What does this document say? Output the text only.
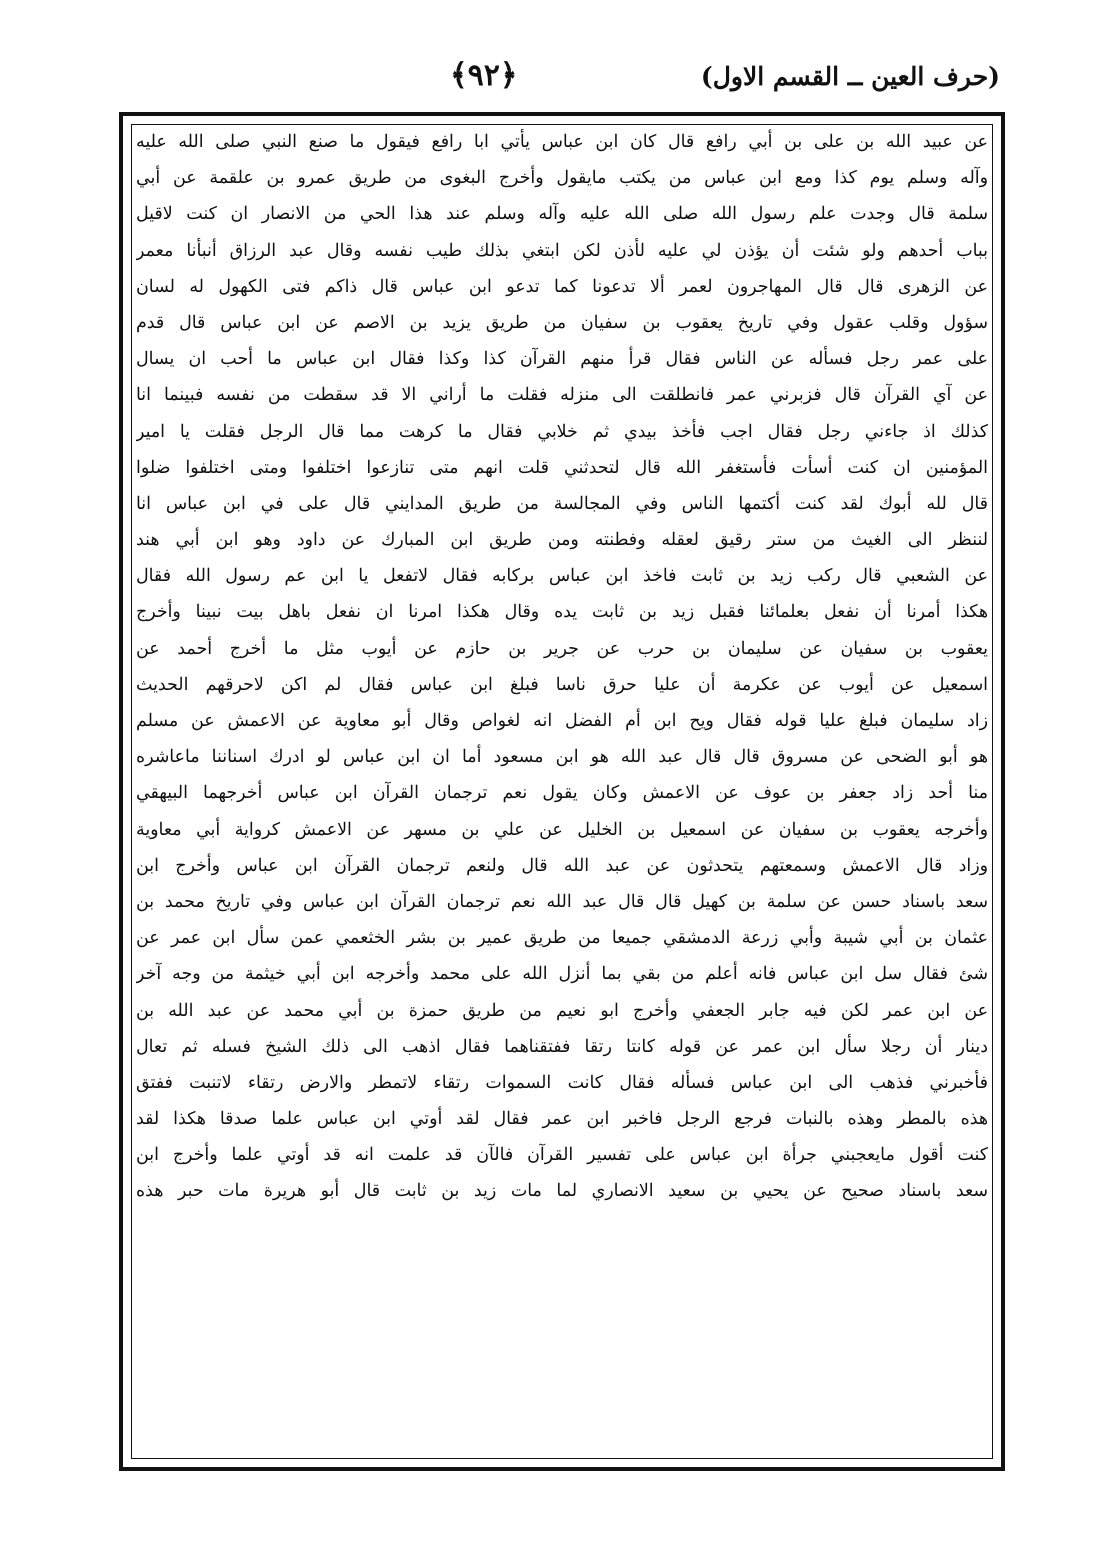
(حرف العين ــ القسم الاول)
﴿٩٢﴾
عن عبيد الله بن على بن أبي رافع قال كان ابن عباس يأتي ابا رافع فيقول ما صنع النبي صلى الله عليه
وآله وسلم يوم كذا ومع ابن عباس من يكتب مايقول وأخرج البغوى من طريق عمرو بن علقمة عن أبي
سلمة قال وجدت علم رسول الله صلى الله عليه وآله وسلم عند هذا الحي من الانصار ان كنت لاقيل
بباب أحدهم ولو شئت أن يؤذن لي عليه لأذن لكن ابتغي بذلك طيب نفسه وقال عبد الرزاق أنبأنا معمر
عن الزهرى قال قال المهاجرون لعمر ألا تدعونا كما تدعو ابن عباس قال ذاكم فتى الكهول له لسان
سؤول وقلب عقول وفي تاريخ يعقوب بن سفيان من طريق يزيد بن الاصم عن ابن عباس قال قدم
على عمر رجل فسأله عن الناس فقال قرأ منهم القرآن كذا وكذا فقال ابن عباس ما أحب ان يسال
عن آي القرآن قال فزبرني عمر فانطلقت الى منزله فقلت ما أراني الا قد سقطت من نفسه فبينما انا
كذلك اذ جاءني رجل فقال اجب فأخذ بيدي ثم خلابي فقال ما كرهت مما قال الرجل فقلت يا امير
المؤمنين ان كنت أسأت فأستغفر الله قال لتحدثني قلت انهم متى تنازعوا اختلفوا ومتى اختلفوا ضلوا
قال لله أبوك لقد كنت أكتمها الناس وفي المجالسة من طريق المدايني قال على في ابن عباس انا
لننظر الى الغيث من ستر رقيق لعقله وفطنته ومن طريق ابن المبارك عن داود وهو ابن أبي هند
عن الشعبي قال ركب زيد بن ثابت فاخذ ابن عباس بركابه فقال لاتفعل يا ابن عم رسول الله فقال
هكذا أمرنا أن نفعل بعلمائنا فقبل زيد بن ثابت يده وقال هكذا امرنا ان نفعل باهل بيت نبينا وأخرج
يعقوب بن سفيان عن سليمان بن حرب عن جرير بن حازم عن أيوب مثل ما أخرج أحمد عن
اسمعيل عن أيوب عن عكرمة أن عليا حرق ناسا فبلغ ابن عباس فقال لم اكن لاحرقهم الحديث
زاد سليمان فبلغ عليا قوله فقال ويح ابن أم الفضل انه لغواص وقال أبو معاوية عن الاعمش عن مسلم
هو أبو الضحى عن مسروق قال قال عبد الله هو ابن مسعود أما ان ابن عباس لو ادرك اسناننا ماعاشره
منا أحد زاد جعفر بن عوف عن الاعمش وكان يقول نعم ترجمان القرآن ابن عباس أخرجهما البيهقي
وأخرجه يعقوب بن سفيان عن اسمعيل بن الخليل عن علي بن مسهر عن الاعمش كرواية أبي معاوية
وزاد قال الاعمش وسمعتهم يتحدثون عن عبد الله قال ولنعم ترجمان القرآن ابن عباس وأخرج ابن
سعد باسناد حسن عن سلمة بن كهيل قال قال عبد الله نعم ترجمان القرآن ابن عباس وفي تاريخ محمد بن
عثمان بن أبي شيبة وأبي زرعة الدمشقي جميعا من طريق عمير بن بشر الخثعمي عمن سأل ابن عمر عن
شئ فقال سل ابن عباس فانه أعلم من بقي بما أنزل الله على محمد وأخرجه ابن أبي خيثمة من وجه آخر
عن ابن عمر لكن فيه جابر الجعفي وأخرج ابو نعيم من طريق حمزة بن أبي محمد عن عبد الله بن
دينار أن رجلا سأل ابن عمر عن قوله كانتا رتقا ففتقناهما فقال اذهب الى ذلك الشيخ فسله ثم تعال
فأخبرني فذهب الى ابن عباس فسأله فقال كانت السموات رتقاء لاتمطر والارض رتقاء لاتنبت ففتق
هذه بالمطر وهذه بالنبات فرجع الرجل فاخبر ابن عمر فقال لقد أوتي ابن عباس علما صدقا هكذا لقد
كنت أقول مايعجبني جرأة ابن عباس على تفسير القرآن فالآن قد علمت انه قد أوتي علما وأخرج ابن
سعد باسناد صحيح عن يحيي بن سعيد الانصاري لما مات زيد بن ثابت قال أبو هريرة مات حبر هذه
